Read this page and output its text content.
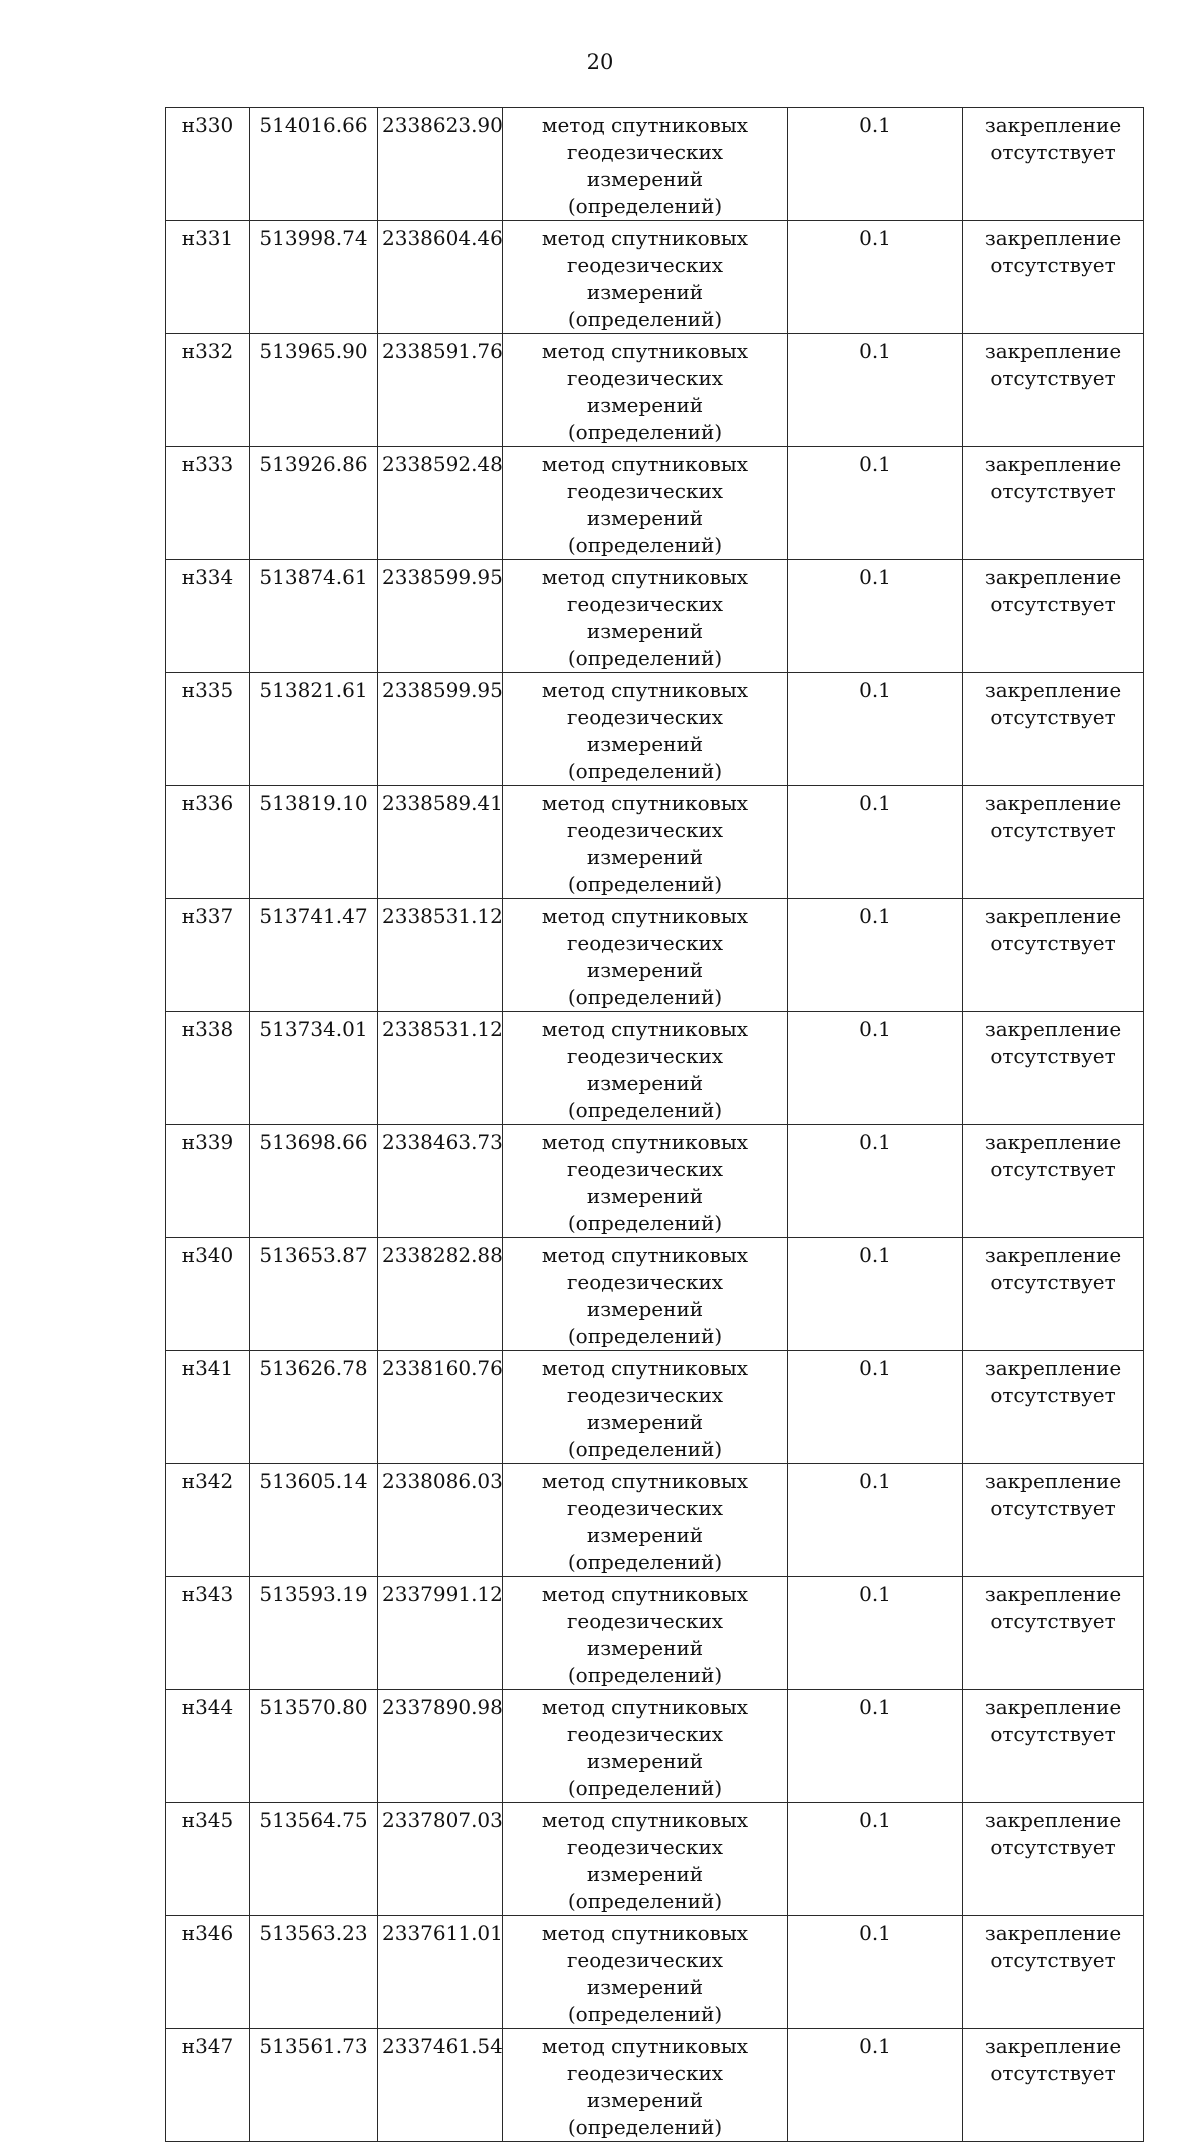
20
н330	514016.66	2338623.90	метод спутниковых геодезических измерений (определений)	0.1	закрепление отсутствует
н331	513998.74	2338604.46	метод спутниковых геодезических измерений (определений)	0.1	закрепление отсутствует
н332	513965.90	2338591.76	метод спутниковых геодезических измерений (определений)	0.1	закрепление отсутствует
н333	513926.86	2338592.48	метод спутниковых геодезических измерений (определений)	0.1	закрепление отсутствует
н334	513874.61	2338599.95	метод спутниковых геодезических измерений (определений)	0.1	закрепление отсутствует
н335	513821.61	2338599.95	метод спутниковых геодезических измерений (определений)	0.1	закрепление отсутствует
н336	513819.10	2338589.41	метод спутниковых геодезических измерений (определений)	0.1	закрепление отсутствует
н337	513741.47	2338531.12	метод спутниковых геодезических измерений (определений)	0.1	закрепление отсутствует
н338	513734.01	2338531.12	метод спутниковых геодезических измерений (определений)	0.1	закрепление отсутствует
н339	513698.66	2338463.73	метод спутниковых геодезических измерений (определений)	0.1	закрепление отсутствует
н340	513653.87	2338282.88	метод спутниковых геодезических измерений (определений)	0.1	закрепление отсутствует
н341	513626.78	2338160.76	метод спутниковых геодезических измерений (определений)	0.1	закрепление отсутствует
н342	513605.14	2338086.03	метод спутниковых геодезических измерений (определений)	0.1	закрепление отсутствует
н343	513593.19	2337991.12	метод спутниковых геодезических измерений (определений)	0.1	закрепление отсутствует
н344	513570.80	2337890.98	метод спутниковых геодезических измерений (определений)	0.1	закрепление отсутствует
н345	513564.75	2337807.03	метод спутниковых геодезических измерений (определений)	0.1	закрепление отсутствует
н346	513563.23	2337611.01	метод спутниковых геодезических измерений (определений)	0.1	закрепление отсутствует
н347	513561.73	2337461.54	метод спутниковых геодезических измерений (определений)	0.1	закрепление отсутствует
